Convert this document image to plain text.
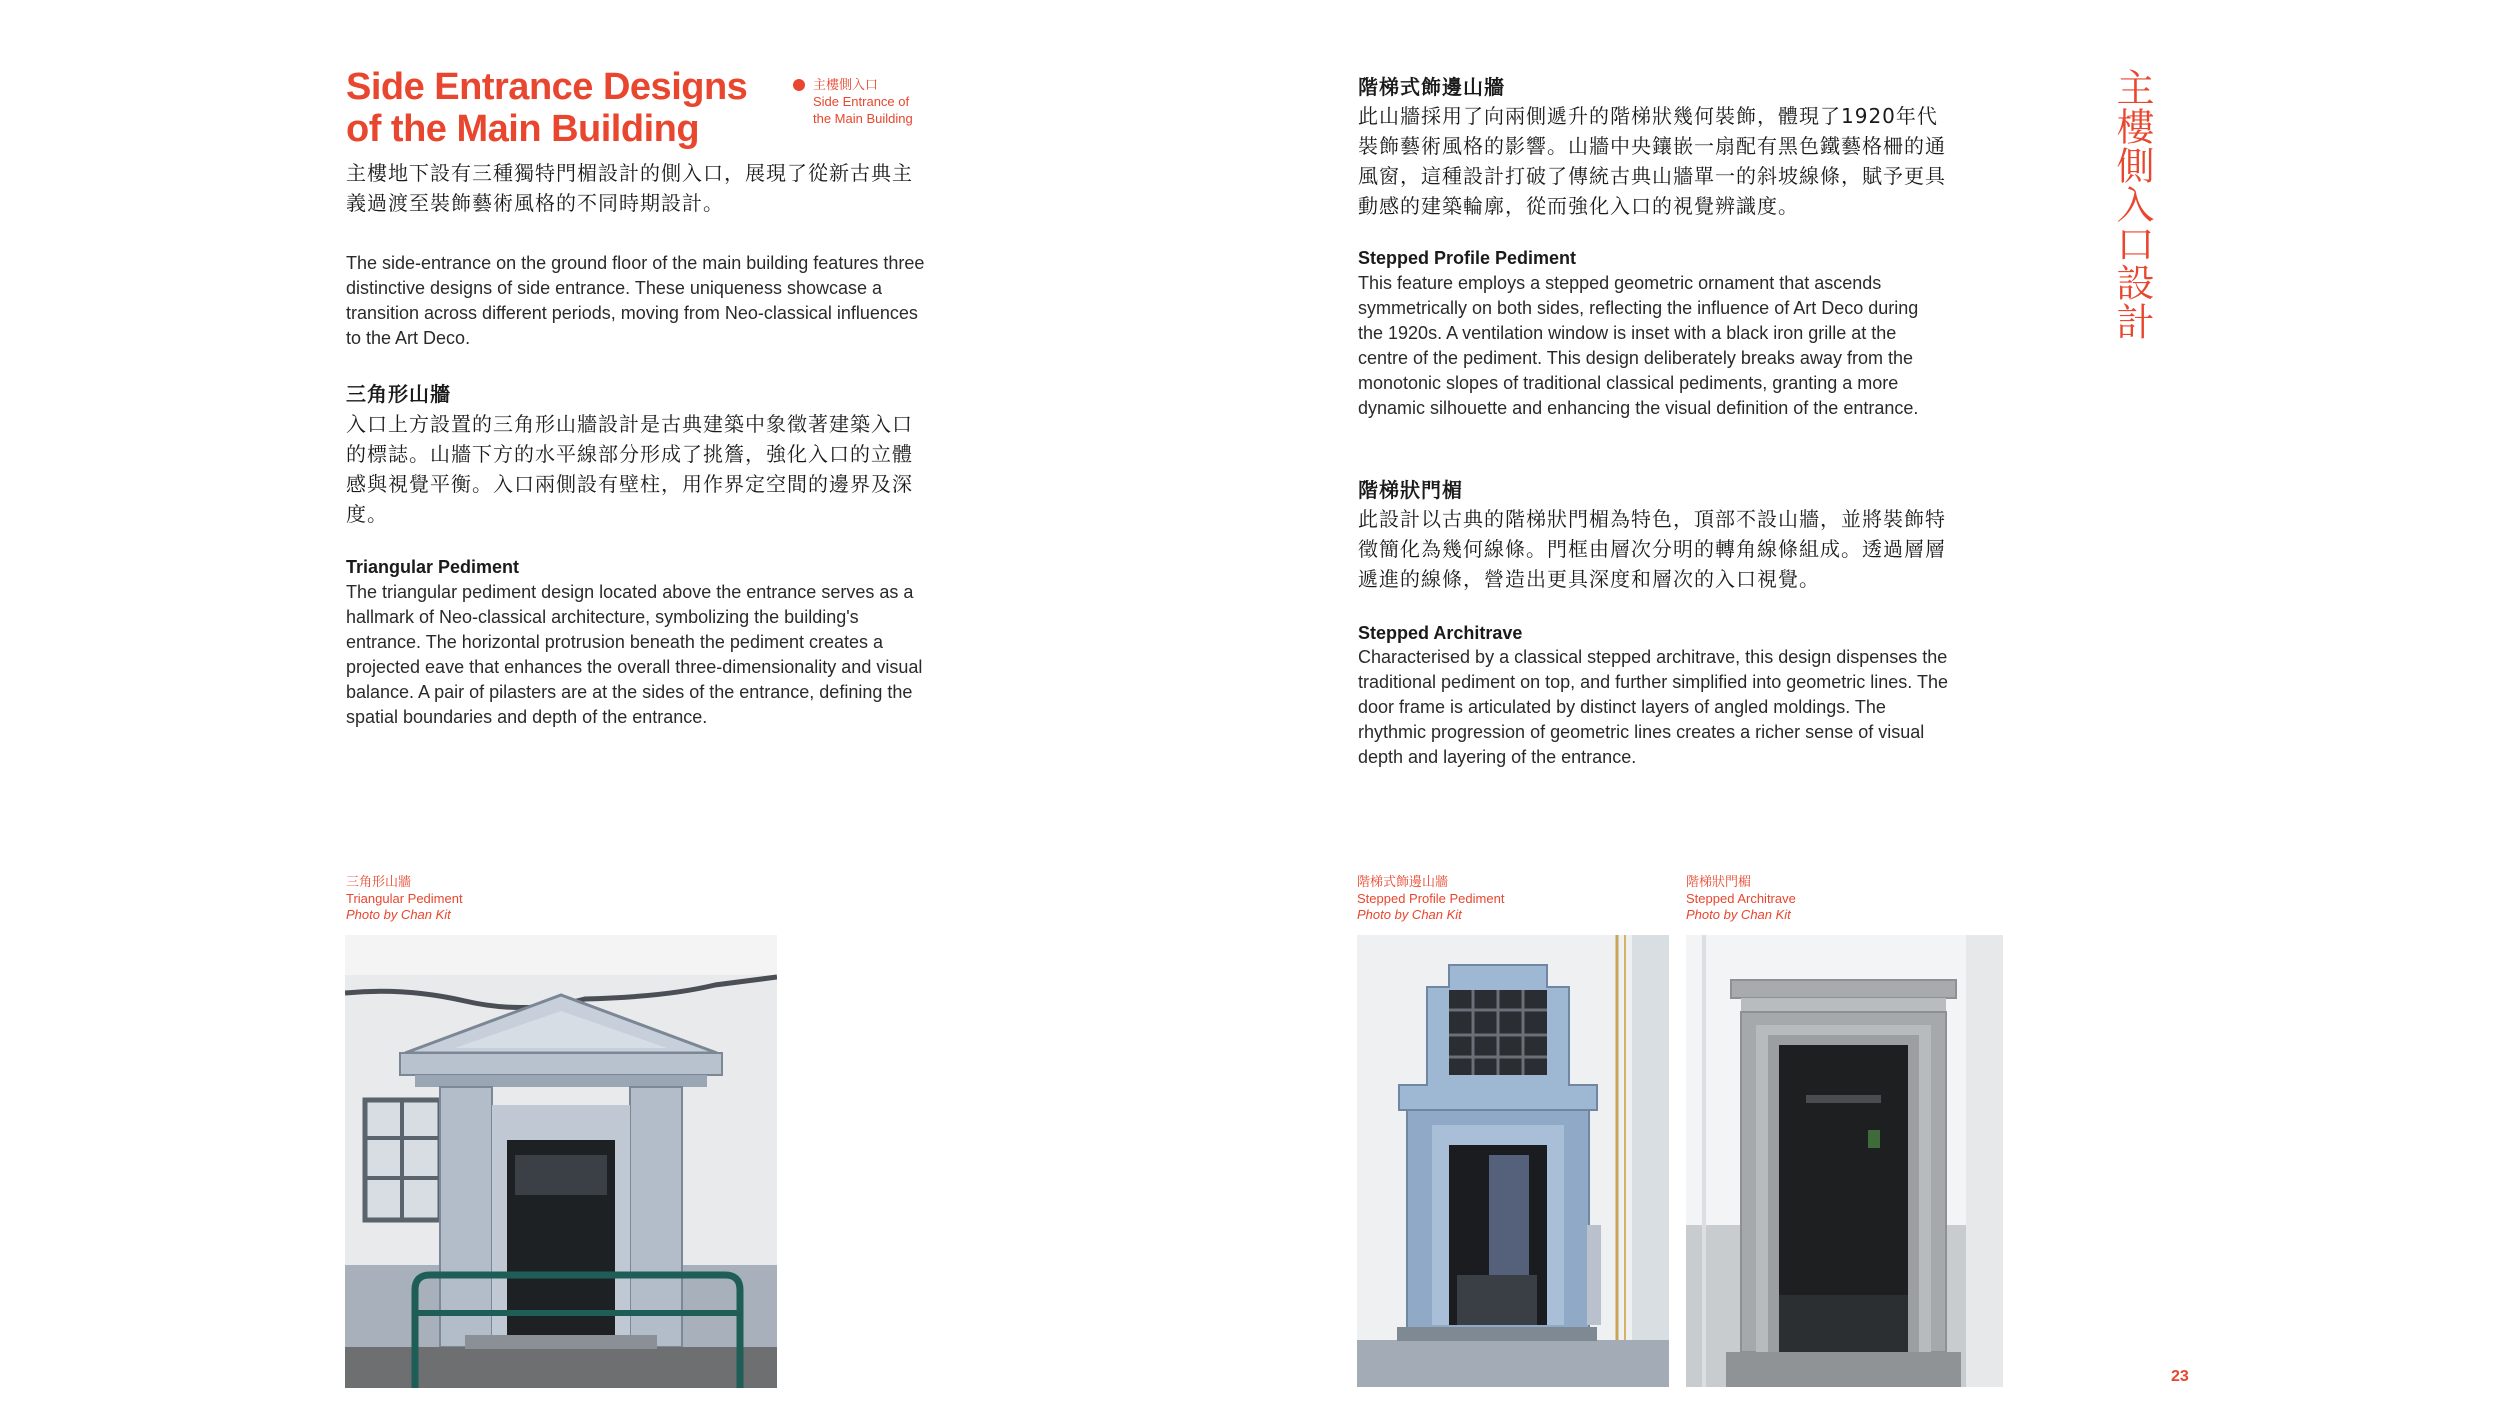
Side Entrance Designs of the Main Building
主樓側入口
Side Entrance of
the Main Building
主樓地下設有三種獨特門楣設計的側入口，展現了從新古典主義過渡至裝飾藝術風格的不同時期設計。
The side-entrance on the ground floor of the main building features three distinctive designs of side entrance. These uniqueness showcase a transition across different periods, moving from Neo-classical influences to the Art Deco.
三角形山牆
入口上方設置的三角形山牆設計是古典建築中象徵著建築入口的標誌。山牆下方的水平線部分形成了挑簷，強化入口的立體感與視覺平衡。入口兩側設有壁柱，用作界定空間的邊界及深度。
Triangular Pediment
The triangular pediment design located above the entrance serves as a hallmark of Neo-classical architecture, symbolizing the building's entrance. The horizontal protrusion beneath the pediment creates a projected eave that enhances the overall three-dimensionality and visual balance. A pair of pilasters are at the sides of the entrance, defining the spatial boundaries and depth of the entrance.
階梯式飾邊山牆
此山牆採用了向兩側遞升的階梯狀幾何裝飾，體現了1920年代裝飾藝術風格的影響。山牆中央鑲嵌一扇配有黑色鐵藝格柵的通風窗，這種設計打破了傳統古典山牆單一的斜坡線條，賦予更具動感的建築輪廓，從而強化入口的視覺辨識度。
Stepped Profile Pediment
This feature employs a stepped geometric ornament that ascends symmetrically on both sides, reflecting the influence of Art Deco during the 1920s. A ventilation window is inset with a black iron grille at the centre of the pediment. This design deliberately breaks away from the monotonic slopes of traditional classical pediments, granting a more dynamic silhouette and enhancing the visual definition of the entrance.
階梯狀門楣
此設計以古典的階梯狀門楣為特色，頂部不設山牆，並將裝飾特徵簡化為幾何線條。門框由層次分明的轉角線條組成。透過層層遞進的線條，營造出更具深度和層次的入口視覺。
Stepped Architrave
Characterised by a classical stepped architrave, this design dispenses the traditional pediment on top, and further simplified into geometric lines. The door frame is articulated by distinct layers of angled moldings. The rhythmic progression of geometric lines creates a richer sense of visual depth and layering of the entrance.
主樓側入口設計
三角形山牆
Triangular Pediment
Photo by Chan Kit
階梯式飾邊山牆
Stepped Profile Pediment
Photo by Chan Kit
階梯狀門楣
Stepped Architrave
Photo by Chan Kit
23
